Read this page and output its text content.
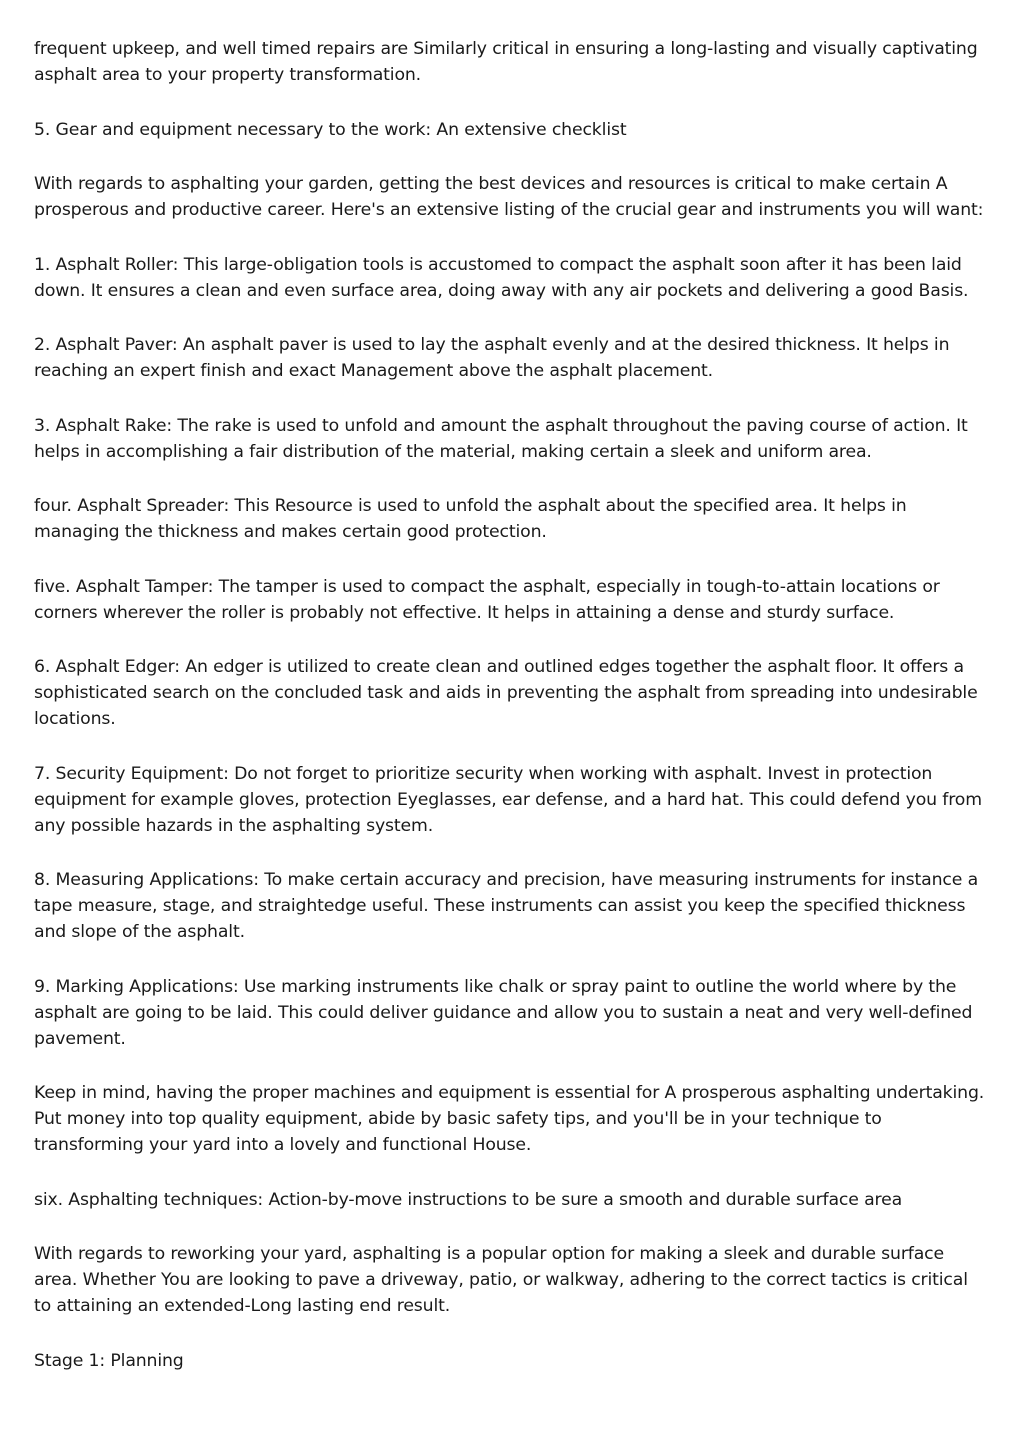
frequent upkeep, and well timed repairs are Similarly critical in ensuring a long-lasting and visually captivating asphalt area to your property transformation.

5. Gear and equipment necessary to the work: An extensive checklist

With regards to asphalting your garden, getting the best devices and resources is critical to make certain A prosperous and productive career. Here's an extensive listing of the crucial gear and instruments you will want:

1. Asphalt Roller: This large-obligation tools is accustomed to compact the asphalt soon after it has been laid down. It ensures a clean and even surface area, doing away with any air pockets and delivering a good Basis.

2. Asphalt Paver: An asphalt paver is used to lay the asphalt evenly and at the desired thickness. It helps in reaching an expert finish and exact Management above the asphalt placement.

3. Asphalt Rake: The rake is used to unfold and amount the asphalt throughout the paving course of action. It helps in accomplishing a fair distribution of the material, making certain a sleek and uniform area.

four. Asphalt Spreader: This Resource is used to unfold the asphalt about the specified area. It helps in managing the thickness and makes certain good protection.

five. Asphalt Tamper: The tamper is used to compact the asphalt, especially in tough-to-attain locations or corners wherever the roller is probably not effective. It helps in attaining a dense and sturdy surface.

6. Asphalt Edger: An edger is utilized to create clean and outlined edges together the asphalt floor. It offers a sophisticated search on the concluded task and aids in preventing the asphalt from spreading into undesirable locations.

7. Security Equipment: Do not forget to prioritize security when working with asphalt. Invest in protection equipment for example gloves, protection Eyeglasses, ear defense, and a hard hat. This could defend you from any possible hazards in the asphalting system.

8. Measuring Applications: To make certain accuracy and precision, have measuring instruments for instance a tape measure, stage, and straightedge useful. These instruments can assist you keep the specified thickness and slope of the asphalt.

9. Marking Applications: Use marking instruments like chalk or spray paint to outline the world where by the asphalt are going to be laid. This could deliver guidance and allow you to sustain a neat and very well-defined pavement.

Keep in mind, having the proper machines and equipment is essential for A prosperous asphalting undertaking. Put money into top quality equipment, abide by basic safety tips, and you'll be in your technique to transforming your yard into a lovely and functional House.

six. Asphalting techniques: Action-by-move instructions to be sure a smooth and durable surface area

With regards to reworking your yard, asphalting is a popular option for making a sleek and durable surface area. Whether You are looking to pave a driveway, patio, or walkway, adhering to the correct tactics is critical to attaining an extended-Long lasting end result.

Stage 1: Planning
